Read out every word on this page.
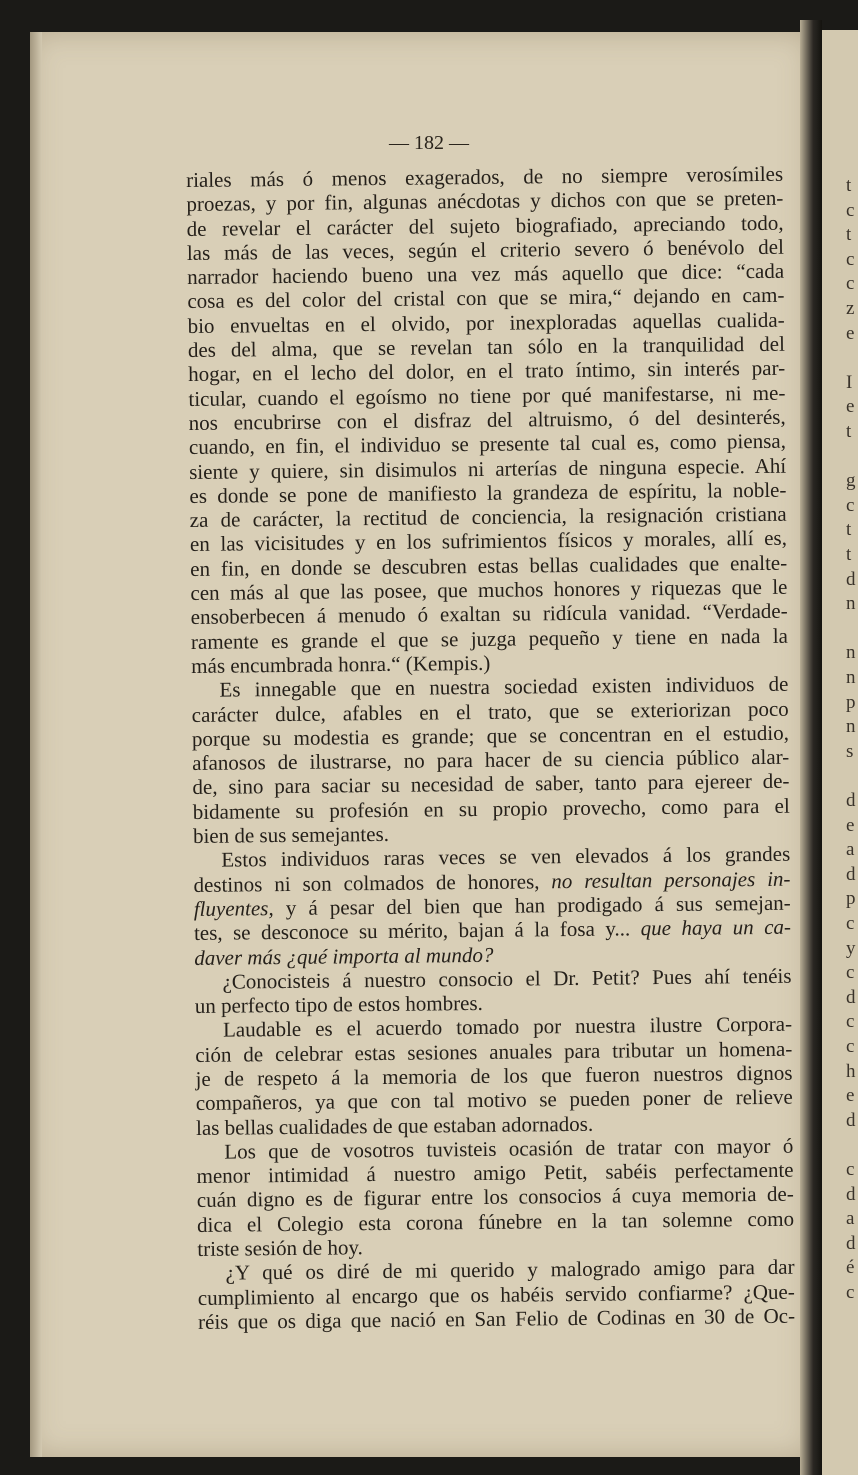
t
c
t
c
c
z
e
I
e
t
g
c
t
t
d
n
n
n
p
n
s
d
e
a
d
p
c
y
c
d
c
c
h
e
d
c
d
a
d
é
c
— 182 —

riales más ó menos exagerados, de no siempre verosímiles
proezas, y por fin, algunas anécdotas y dichos con que se preten-
de revelar el carácter del sujeto biografiado, apreciando todo,
las más de las veces, según el criterio severo ó benévolo del
narrador haciendo bueno una vez más aquello que dice: “cada
cosa es del color del cristal con que se mira,“ dejando en cam-
bio envueltas en el olvido, por inexploradas aquellas cualida-
des del alma, que se revelan tan sólo en la tranquilidad del
hogar, en el lecho del dolor, en el trato íntimo, sin interés par-
ticular, cuando el egoísmo no tiene por qué manifestarse, ni me-
nos encubrirse con el disfraz del altruismo, ó del desinterés,
cuando, en fin, el individuo se presente tal cual es, como piensa,
siente y quiere, sin disimulos ni arterías de ninguna especie. Ahí
es donde se pone de manifiesto la grandeza de espíritu, la noble-
za de carácter, la rectitud de conciencia, la resignación cristiana
en las vicisitudes y en los sufrimientos físicos y morales, allí es,
en fin, en donde se descubren estas bellas cualidades que enalte-
cen más al que las posee, que muchos honores y riquezas que le
ensoberbecen á menudo ó exaltan su ridícula vanidad. “Verdade-
ramente es grande el que se juzga pequeño y tiene en nada la
más encumbrada honra.“ (Kempis.)

Es innegable que en nuestra sociedad existen individuos de
carácter dulce, afables en el trato, que se exteriorizan poco
porque su modestia es grande; que se concentran en el estudio,
afanosos de ilustrarse, no para hacer de su ciencia público alar-
de, sino para saciar su necesidad de saber, tanto para ejereer de-
bidamente su profesión en su propio provecho, como para el
bien de sus semejantes.

Estos individuos raras veces se ven elevados á los grandes
destinos ni son colmados de honores, no resultan personajes in-
fluyentes, y á pesar del bien que han prodigado á sus semejan-
tes, se desconoce su mérito, bajan á la fosa y... que haya un ca-
daver más ¿qué importa al mundo?

¿Conocisteis á nuestro consocio el Dr. Petit? Pues ahí tenéis
un perfecto tipo de estos hombres.

Laudable es el acuerdo tomado por nuestra ilustre Corpora-
ción de celebrar estas sesiones anuales para tributar un homena-
je de respeto á la memoria de los que fueron nuestros dignos
compañeros, ya que con tal motivo se pueden poner de relieve
las bellas cualidades de que estaban adornados.

Los que de vosotros tuvisteis ocasión de tratar con mayor ó
menor intimidad á nuestro amigo Petit, sabéis perfectamente
cuán digno es de figurar entre los consocios á cuya memoria de-
dica el Colegio esta corona fúnebre en la tan solemne como
triste sesión de hoy.

¿Y qué os diré de mi querido y malogrado amigo para dar
cumplimiento al encargo que os habéis servido confiarme? ¿Que-
réis que os diga que nació en San Felio de Codinas en 30 de Oc-
